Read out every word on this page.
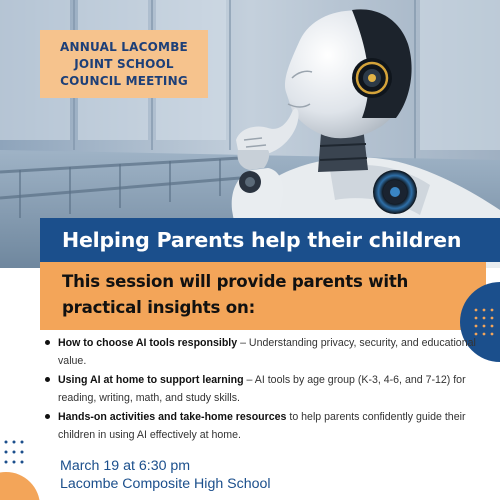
ANNUAL LACOMBE
JOINT SCHOOL
COUNCIL MEETING
Helping Parents help their children
This session will provide parents with
practical insights on:
How to choose AI tools responsibly – Understanding privacy, security, and educational value.
Using AI at home to support learning – AI tools by age group (K-3, 4-6, and 7-12) for reading, writing, math, and study skills.
Hands-on activities and take-home resources to help parents confidently guide their children in using AI effectively at home.
March 19 at 6:30 pm
Lacombe Composite High School
